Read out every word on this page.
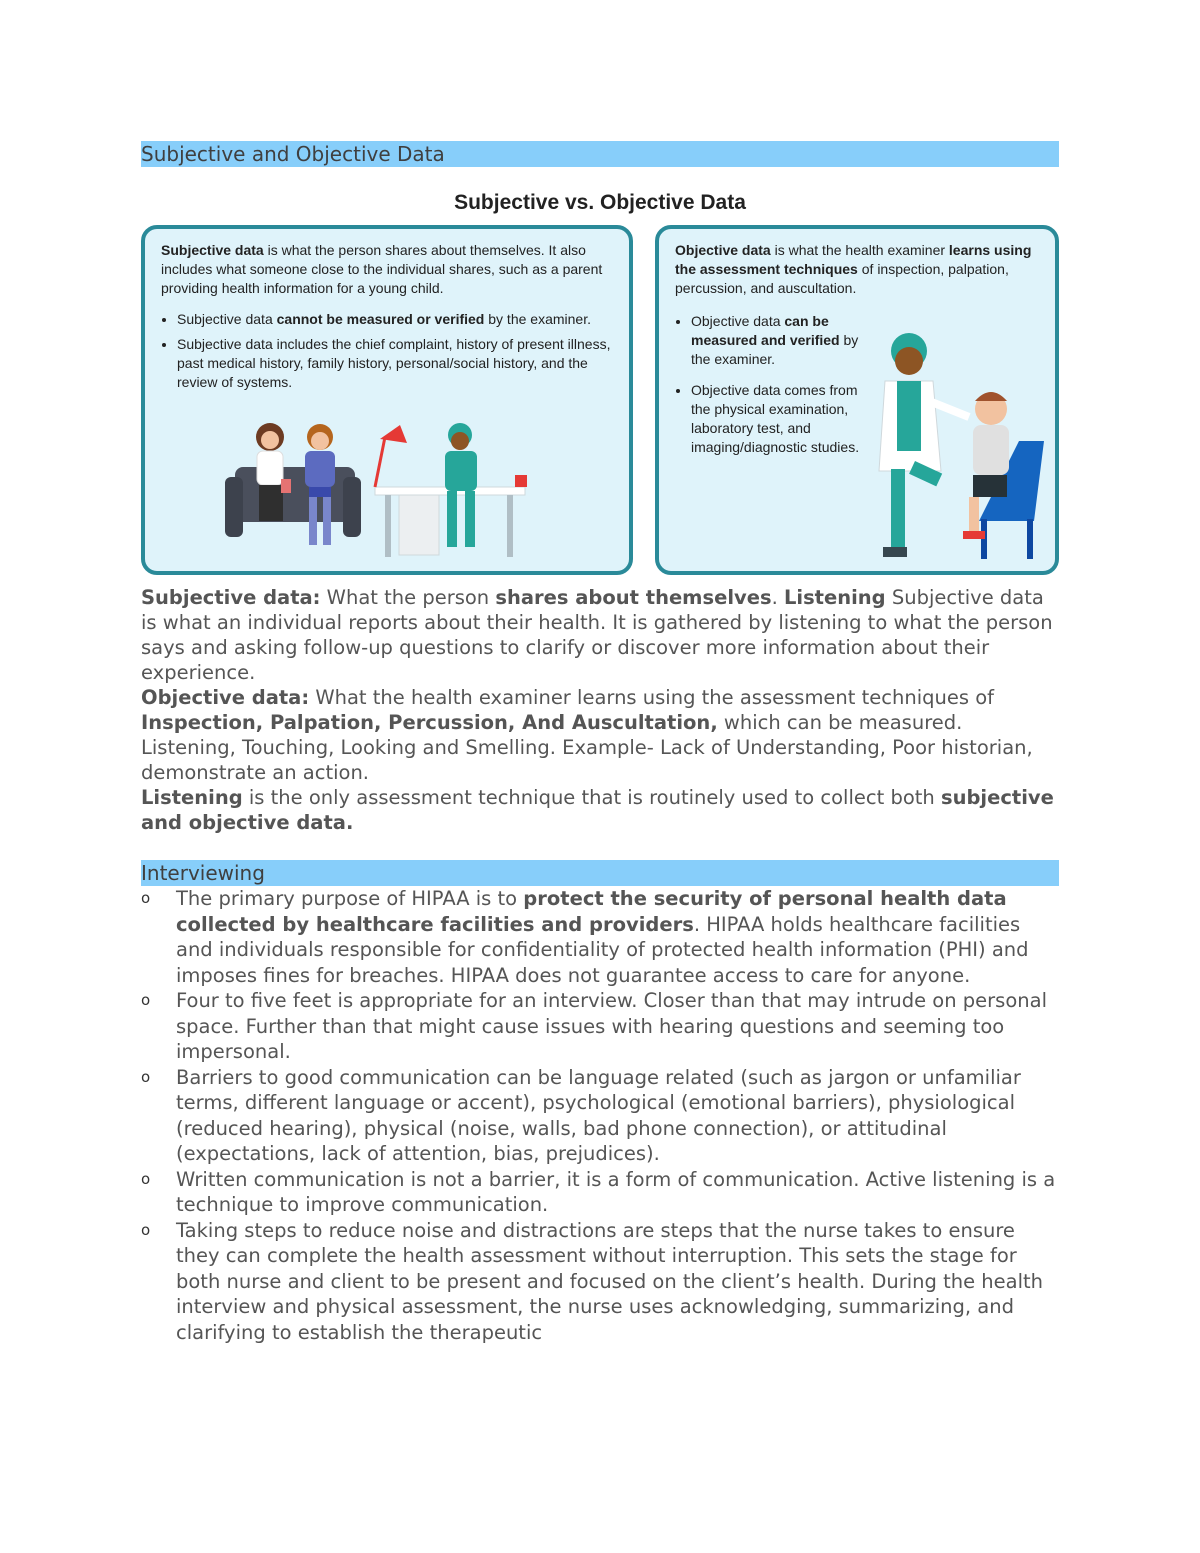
Subjective and Objective Data
Subjective vs. Objective Data
Subjective data is what the person shares about themselves. It also includes what someone close to the individual shares, such as a parent providing health information for a young child.
• Subjective data cannot be measured or verified by the examiner.
• Subjective data includes the chief complaint, history of present illness, past medical history, family history, personal/social history, and the review of systems.
Objective data is what the health examiner learns using the assessment techniques of inspection, palpation, percussion, and auscultation.
• Objective data can be measured and verified by the examiner.
• Objective data comes from the physical examination, laboratory test, and imaging/diagnostic studies.

Subjective data: What the person shares about themselves. Listening Subjective data is what an individual reports about their health. It is gathered by listening to what the person says and asking follow-up questions to clarify or discover more information about their experience.

Objective data: What the health examiner learns using the assessment techniques of Inspection, Palpation, Percussion, And Auscultation, which can be measured. Listening, Touching, Looking and Smelling. Example- Lack of Understanding, Poor historian, demonstrate an action.

Listening is the only assessment technique that is routinely used to collect both subjective and objective data.

Interviewing
o The primary purpose of HIPAA is to protect the security of personal health data collected by healthcare facilities and providers. HIPAA holds healthcare facilities and individuals responsible for confidentiality of protected health information (PHI) and imposes fines for breaches. HIPAA does not guarantee access to care for anyone.
o Four to five feet is appropriate for an interview. Closer than that may intrude on personal space. Further than that might cause issues with hearing questions and seeming too impersonal.
o Barriers to good communication can be language related (such as jargon or unfamiliar terms, different language or accent), psychological (emotional barriers), physiological (reduced hearing), physical (noise, walls, bad phone connection), or attitudinal (expectations, lack of attention, bias, prejudices).
o Written communication is not a barrier, it is a form of communication. Active listening is a technique to improve communication.
o Taking steps to reduce noise and distractions are steps that the nurse takes to ensure they can complete the health assessment without interruption. This sets the stage for both nurse and client to be present and focused on the client’s health. During the health interview and physical assessment, the nurse uses acknowledging, summarizing, and clarifying to establish the therapeutic
